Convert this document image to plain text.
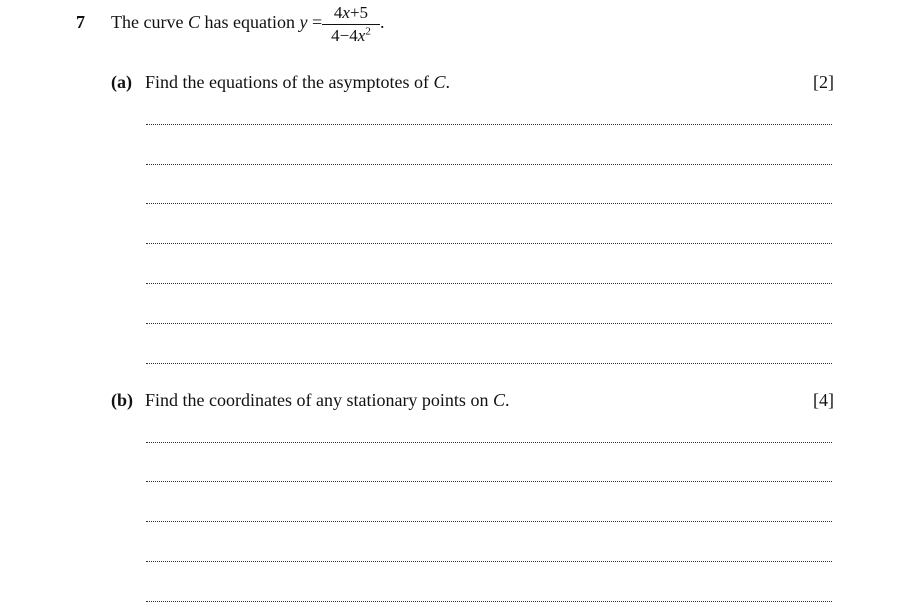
7 The curve C has equation $y = \frac{4x+5}{4-4x^2}$ .
(a) Find the equations of the asymptotes of C.	[2]
(b) Find the coordinates of any stationary points on C.	[4]
